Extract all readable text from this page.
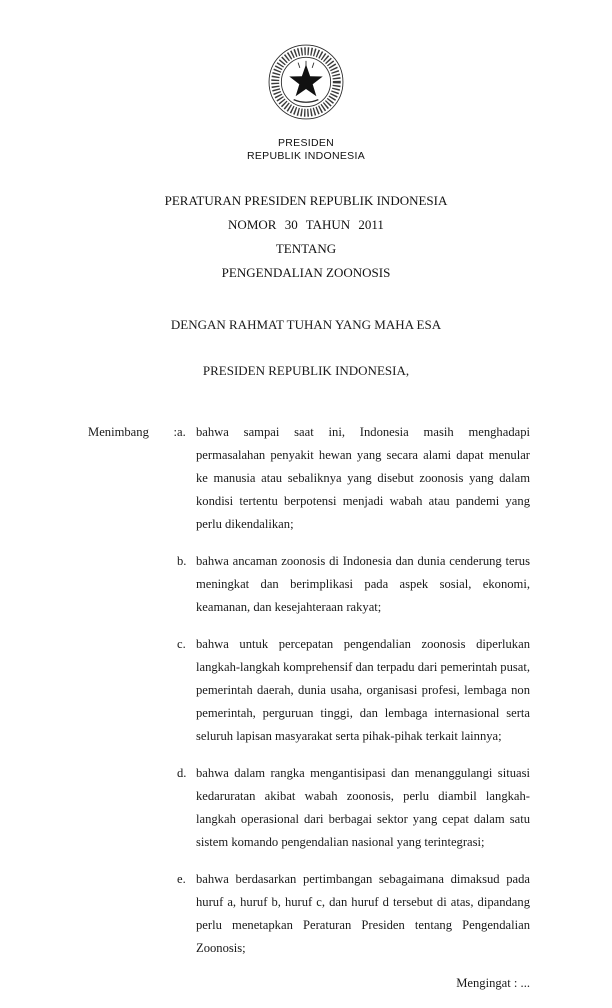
PRESIDEN
REPUBLIK INDONESIA
PERATURAN PRESIDEN REPUBLIK INDONESIA
NOMOR 30 TAHUN 2011
TENTANG
PENGENDALIAN ZOONOSIS
DENGAN RAHMAT TUHAN YANG MAHA ESA
PRESIDEN REPUBLIK INDONESIA,
Menimbang : a. bahwa sampai saat ini, Indonesia masih menghadapi permasalahan penyakit hewan yang secara alami dapat menular ke manusia atau sebaliknya yang disebut zoonosis yang dalam kondisi tertentu berpotensi menjadi wabah atau pandemi yang perlu dikendalikan;
b. bahwa ancaman zoonosis di Indonesia dan dunia cenderung terus meningkat dan berimplikasi pada aspek sosial, ekonomi, keamanan, dan kesejahteraan rakyat;
c. bahwa untuk percepatan pengendalian zoonosis diperlukan langkah-langkah komprehensif dan terpadu dari pemerintah pusat, pemerintah daerah, dunia usaha, organisasi profesi, lembaga non pemerintah, perguruan tinggi, dan lembaga internasional serta seluruh lapisan masyarakat serta pihak-pihak terkait lainnya;
d. bahwa dalam rangka mengantisipasi dan menanggulangi situasi kedaruratan akibat wabah zoonosis, perlu diambil langkah-langkah operasional dari berbagai sektor yang cepat dalam satu sistem komando pengendalian nasional yang terintegrasi;
e. bahwa berdasarkan pertimbangan sebagaimana dimaksud pada huruf a, huruf b, huruf c, dan huruf d tersebut di atas, dipandang perlu menetapkan Peraturan Presiden tentang Pengendalian Zoonosis;
Mengingat : ...
